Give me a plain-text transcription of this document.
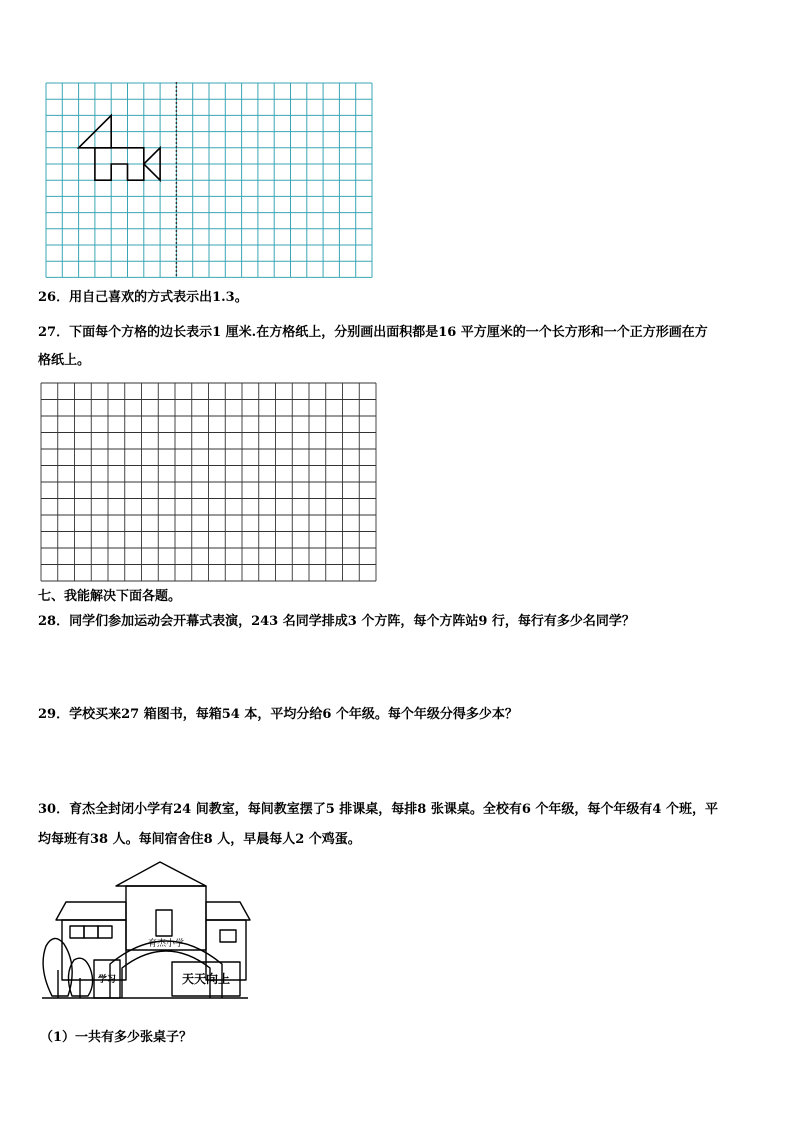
26．用自己喜欢的方式表示出1.3。
27．下面每个方格的边长表示1 厘米.在方格纸上，分别画出面积都是16 平方厘米的一个长方形和一个正方形画在方
格纸上。
七、我能解决下面各题。
28．同学们参加运动会开幕式表演，243 名同学排成3 个方阵，每个方阵站9 行，每行有多少名同学？
29．学校买来27 箱图书，每箱54 本，平均分给6 个年级。每个年级分得多少本？
30．育杰全封闭小学有24 间教室，每间教室摆了5 排课桌，每排8 张课桌。全校有6 个年级，每个年级有4 个班，平
均每班有38 人。每间宿舍住8 人，早晨每人2 个鸡蛋。
育杰小学
学习	天天向上
（1）一共有多少张桌子？
